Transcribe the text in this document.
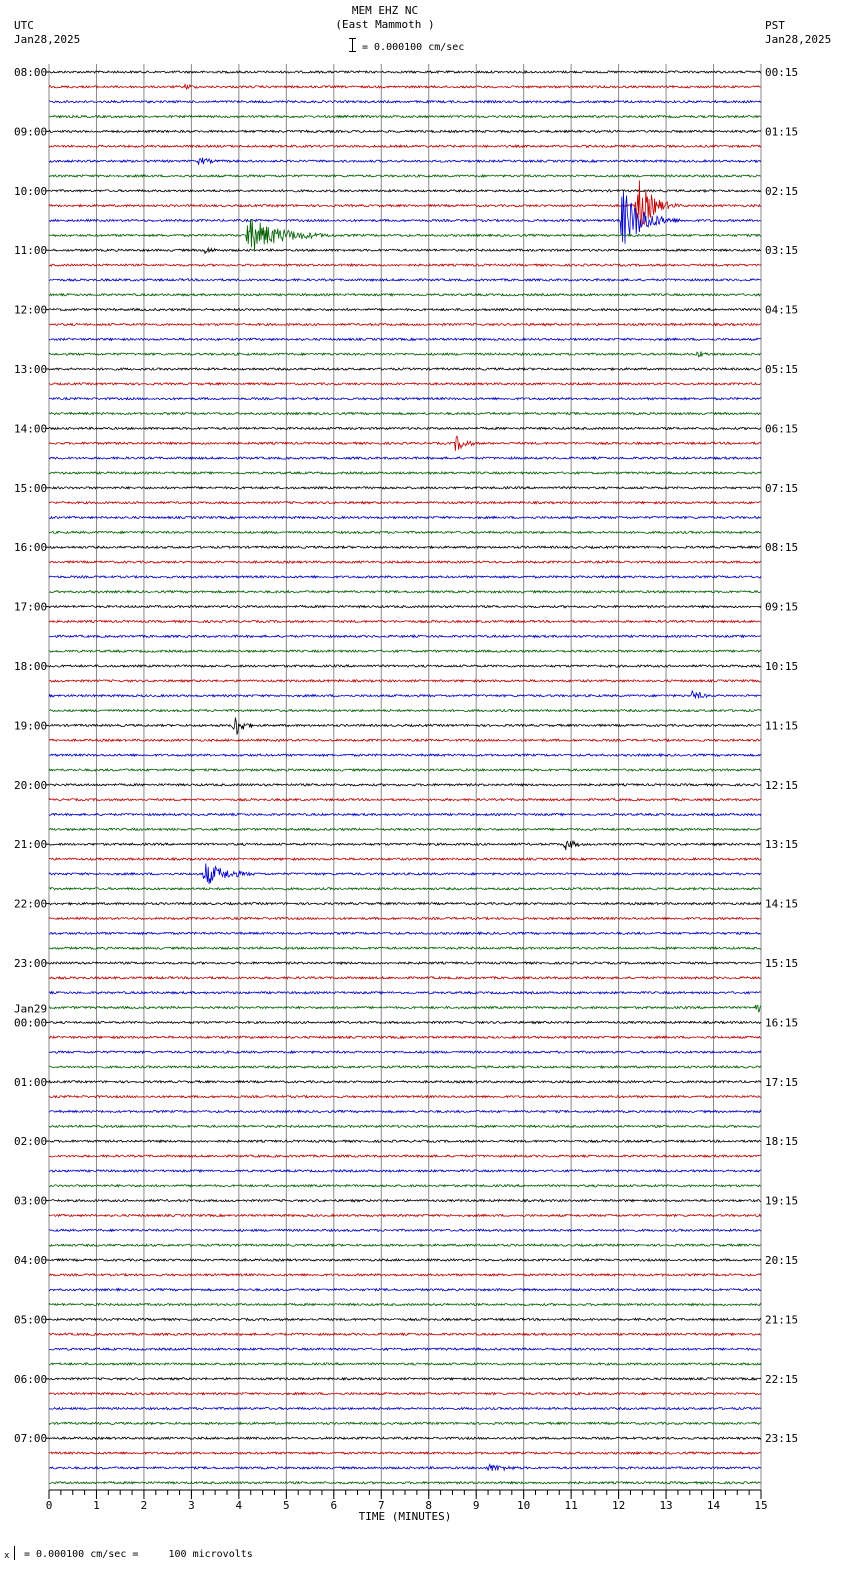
0	1	2	3	4	5	6	7	8	9	10	11	12	13	14	15
TIME (MINUTES)
08:00
09:00
10:00
11:00
12:00
13:00
14:00
15:00
16:00
17:00
18:00
19:00
20:00
21:00
22:00
23:00
00:00
01:00
02:00
03:00
04:00
05:00
06:00
07:00
Jan29
00:15
01:15
02:15
03:15
04:15
05:15
06:15
07:15
08:15
09:15
10:15
11:15
12:15
13:15
14:15
15:15
16:15
17:15
18:15
19:15
20:15
21:15
22:15
23:15
MEM EHZ NC
(East Mammoth )
= 0.000100 cm/sec
UTC
Jan28,2025
PST
Jan28,2025
x = 0.000100 cm/sec =     100 microvolts
